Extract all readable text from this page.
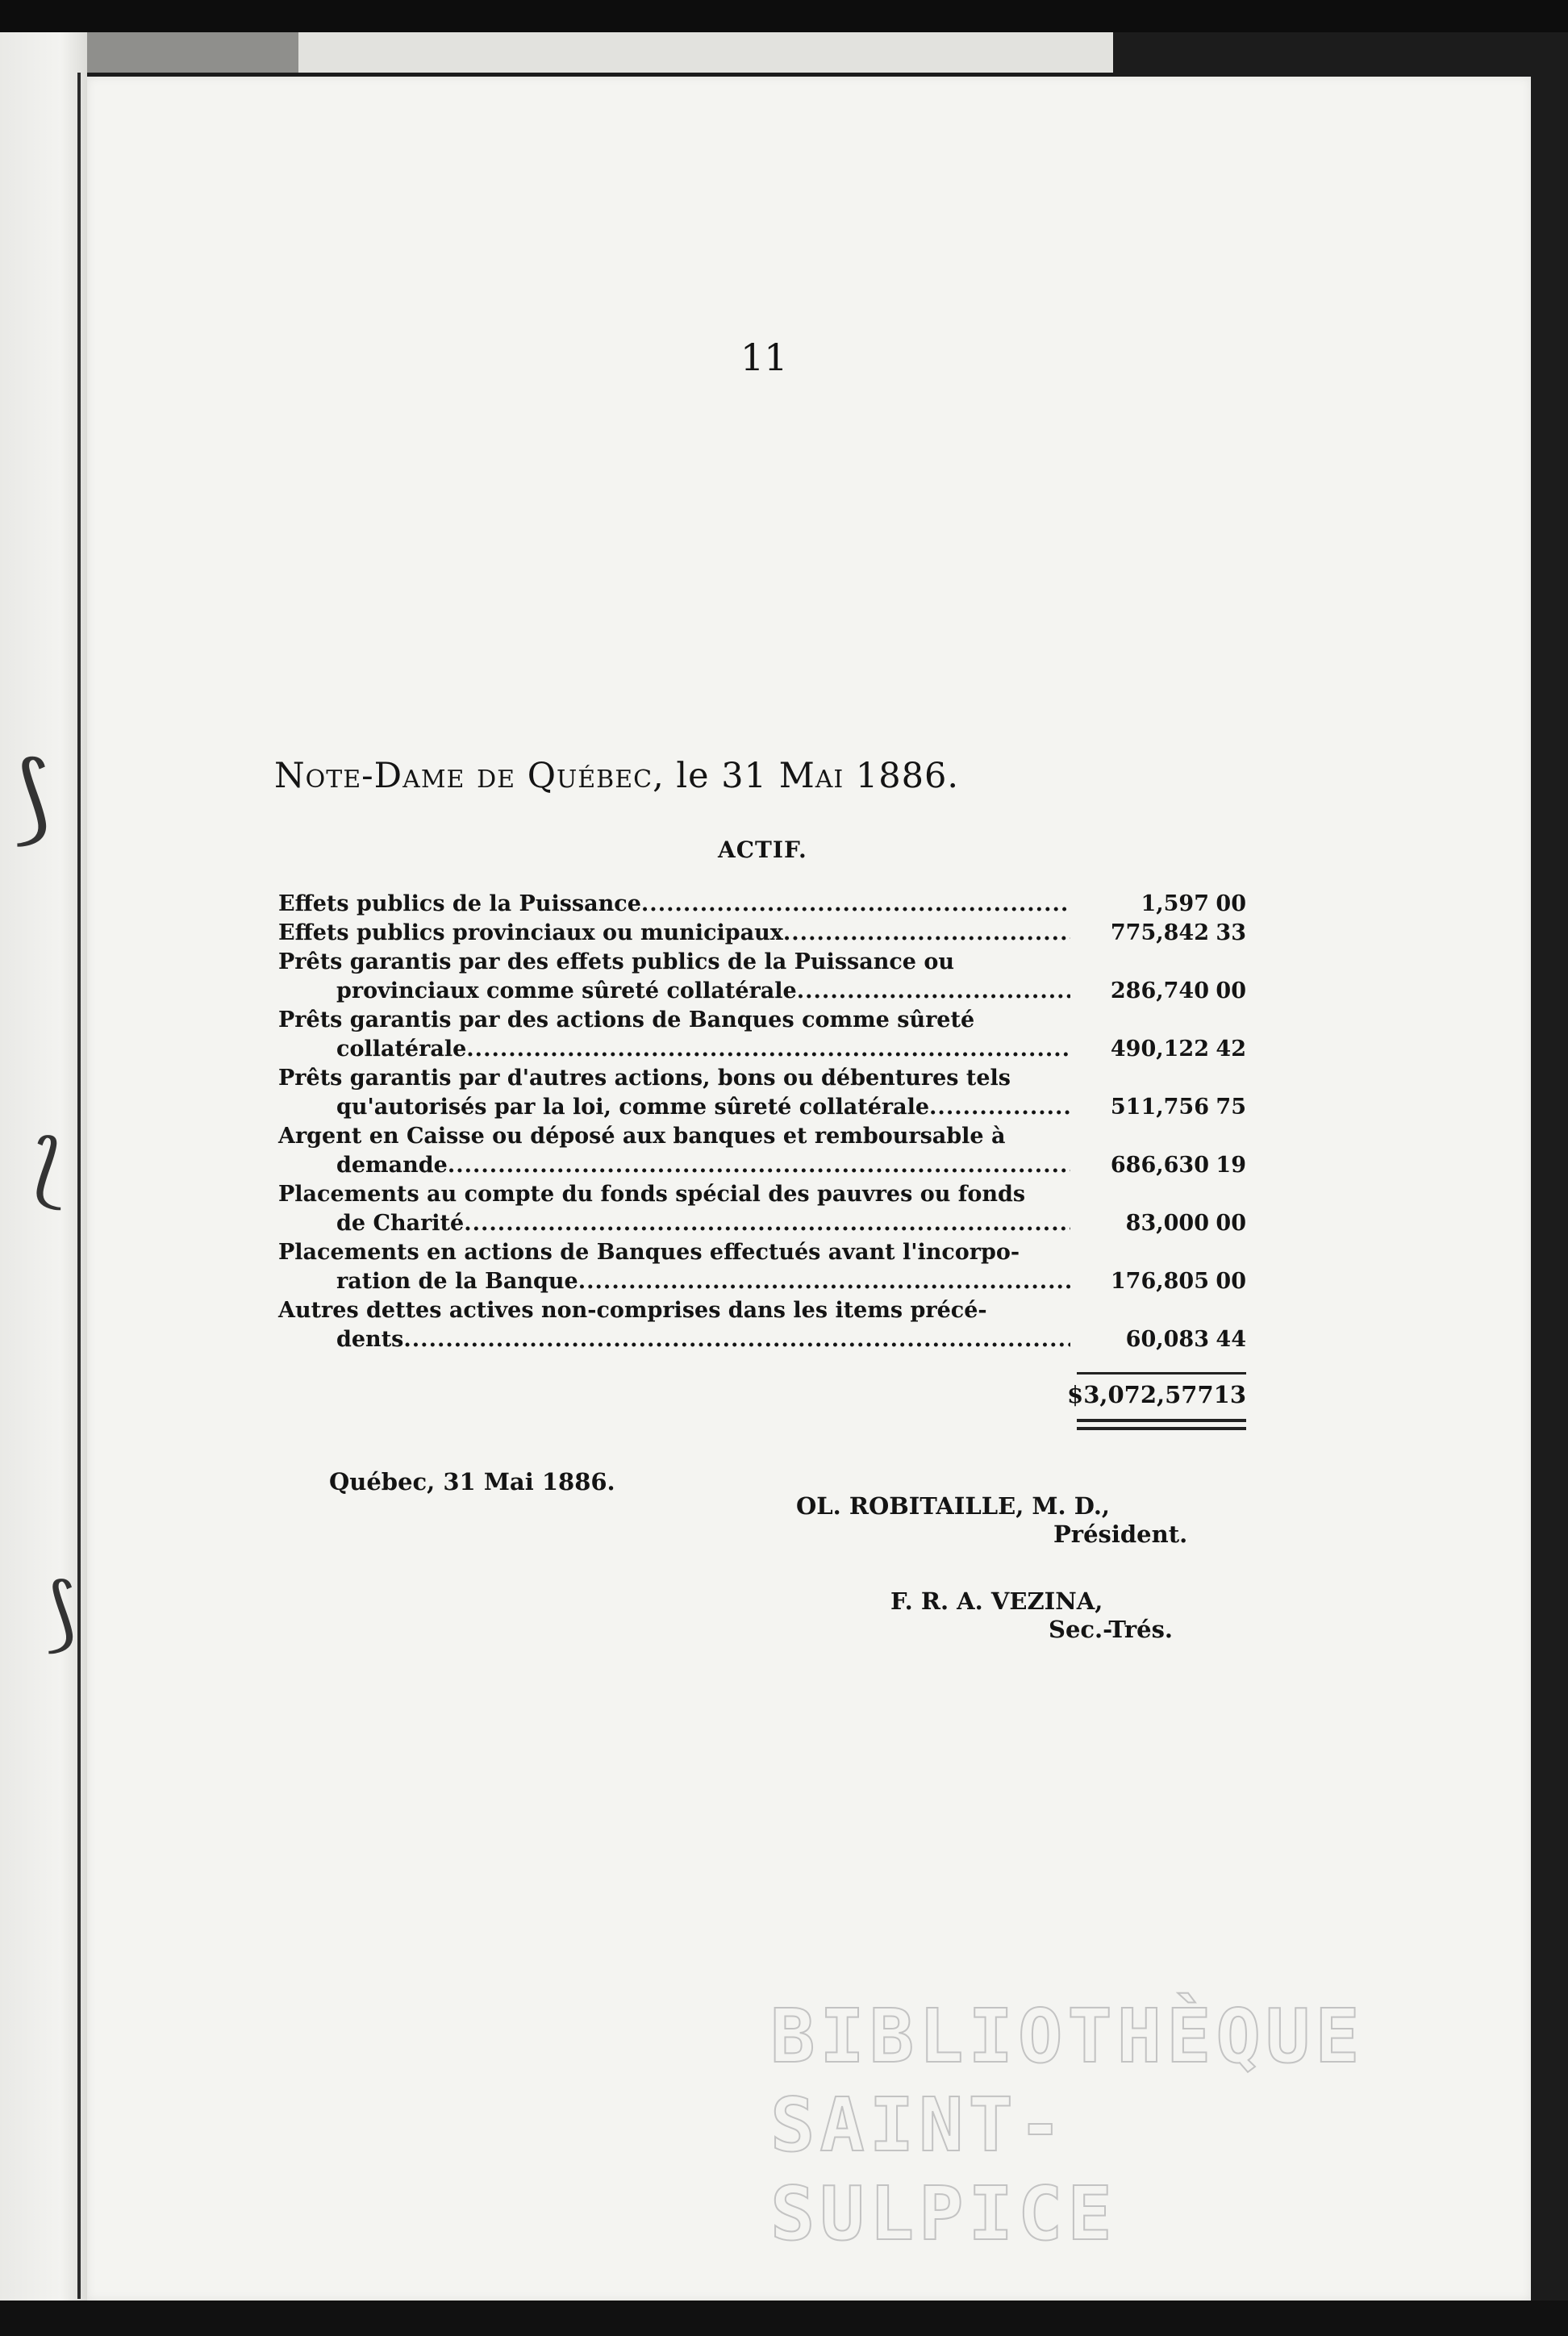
⟆
⟅
⟆
11
Note-Dame de Québec, le 31 Mai 1886.
ACTIF.
Effets publics de la Puissance .....	1,597 00
Effets publics provinciaux ou municipaux .....	775,842 33
Prêts garantis par des effets publics de la Puissance ou
provinciaux comme sûreté collatérale .....	286,740 00
Prêts garantis par des actions de Banques comme sûreté
collatérale .....	490,122 42
Prêts garantis par d'autres actions, bons ou débentures tels
qu'autorisés par la loi, comme sûreté collatérale .....	511,756 75
Argent en Caisse ou déposé aux banques et remboursable à
demande .....	686,630 19
Placements au compte du fonds spécial des pauvres ou fonds
de Charité .....	83,000 00
Placements en actions de Banques effectués avant l'incorpo-
ration de la Banque .....	176,805 00
Autres dettes actives non-comprises dans les items précé-
dents .....	60,083 44
$3,072,577 13
Québec, 31 Mai 1886.
OL. ROBITAILLE, M. D.,
Président.
F. R. A. VEZINA,
Sec.-Trés.
BIBLIOTHÈQUE
SAINT-SULPICE
